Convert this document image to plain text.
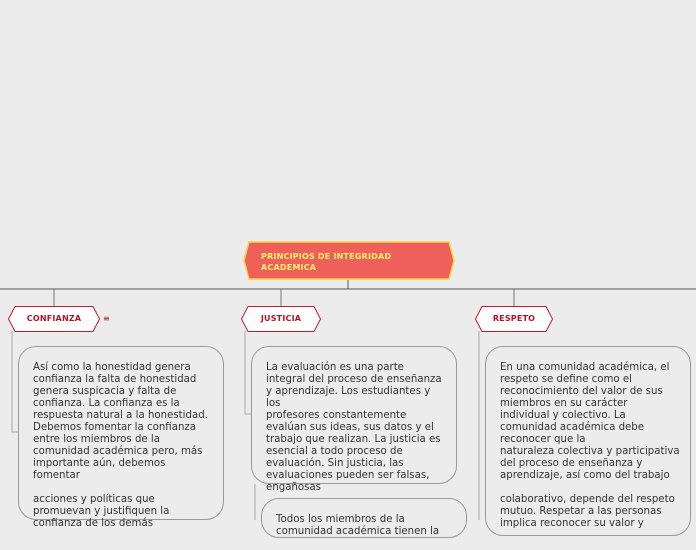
PRINCIPIOS DE INTEGRIDAD
ACADEMICA
CONFIANZA	≡	JUSTICIA	RESPETO

Así como la honestidad genera
confianza la falta de honestidad
genera suspicacia y falta de
confianza. La confianza es la
respuesta natural a la honestidad.
Debemos fomentar la confianza
entre los miembros de la
comunidad académica pero, más
importante aún, debemos
fomentar

acciones y políticas que
promuevan y justifiquen la
confianza de los demás

La evaluación es una parte
integral del proceso de enseñanza
y aprendizaje. Los estudiantes y
los
profesores constantemente
evalúan sus ideas, sus datos y el
trabajo que realizan. La justicia es
esencial a todo proceso de
evaluación. Sin justicia, las
evaluaciones pueden ser falsas,
engañosas

Todos los miembros de la
comunidad académica tienen la

En una comunidad académica, el
respeto se define como el
reconocimiento del valor de sus
miembros en su carácter
individual y colectivo. La
comunidad académica debe
reconocer que la
naturaleza colectiva y participativa
del proceso de enseñanza y
aprendizaje, así como del trabajo

colaborativo, depende del respeto
mutuo. Respetar a las personas
implica reconocer su valor y
